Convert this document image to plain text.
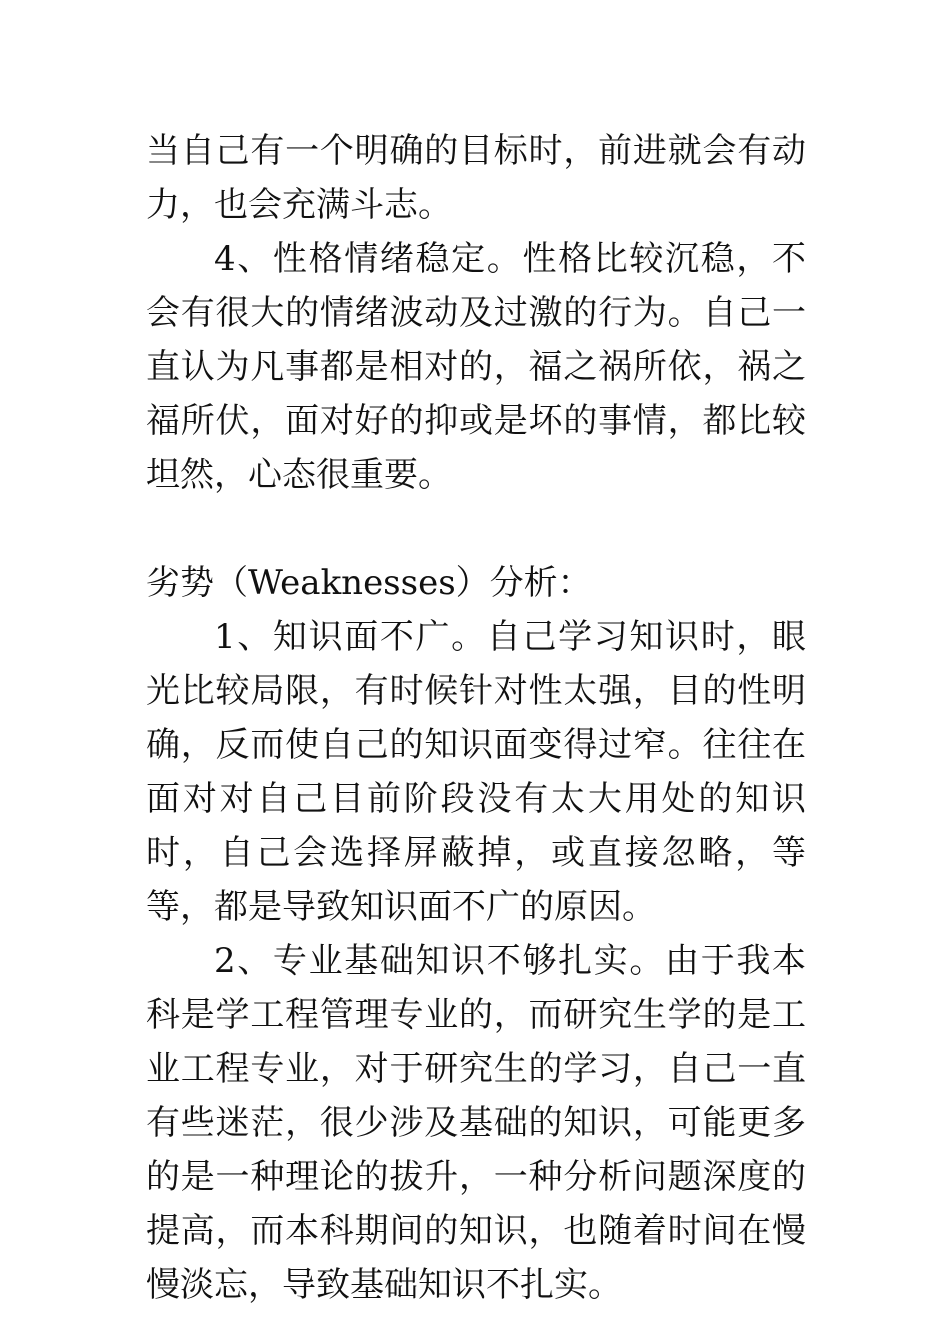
当自己有一个明确的目标时，前进就会有动力，也会充满斗志。

4、性格情绪稳定。性格比较沉稳，不会有很大的情绪波动及过激的行为。自己一直认为凡事都是相对的，福之祸所依，祸之福所伏，面对好的抑或是坏的事情，都比较坦然，心态很重要。

劣势（Weaknesses）分析：

1、知识面不广。自己学习知识时，眼光比较局限，有时候针对性太强，目的性明确，反而使自己的知识面变得过窄。往往在面对对自己目前阶段没有太大用处的知识时，自己会选择屏蔽掉，或直接忽略，等等，都是导致知识面不广的原因。

2、专业基础知识不够扎实。由于我本科是学工程管理专业的，而研究生学的是工业工程专业，对于研究生的学习，自己一直有些迷茫，很少涉及基础的知识，可能更多的是一种理论的拔升，一种分析问题深度的提高，而本科期间的知识，也随着时间在慢慢淡忘，导致基础知识不扎实。
